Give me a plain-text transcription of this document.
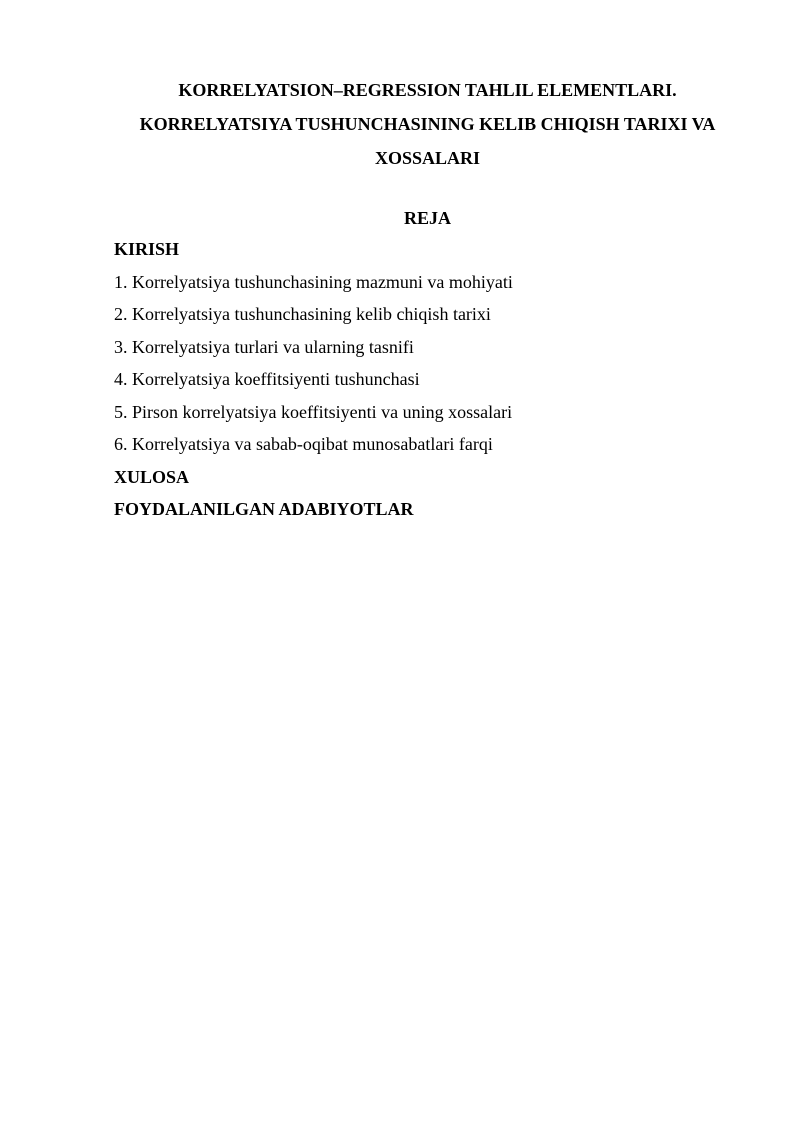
KORRELYATSION–REGRESSION TAHLIL ELEMENTLARI.
KORRELYATSIYA TUSHUNCHASINING KELIB CHIQISH TARIXI VA
XOSSALARI
REJA
KIRISH
1. Korrelyatsiya tushunchasining mazmuni va mohiyati
2. Korrelyatsiya tushunchasining kelib chiqish tarixi
3. Korrelyatsiya turlari va ularning tasnifi
4. Korrelyatsiya koeffitsiyenti tushunchasi
5. Pirson korrelyatsiya koeffitsiyenti va uning xossalari
6. Korrelyatsiya va sabab-oqibat munosabatlari farqi
XULOSA
FOYDALANILGAN ADABIYOTLAR
